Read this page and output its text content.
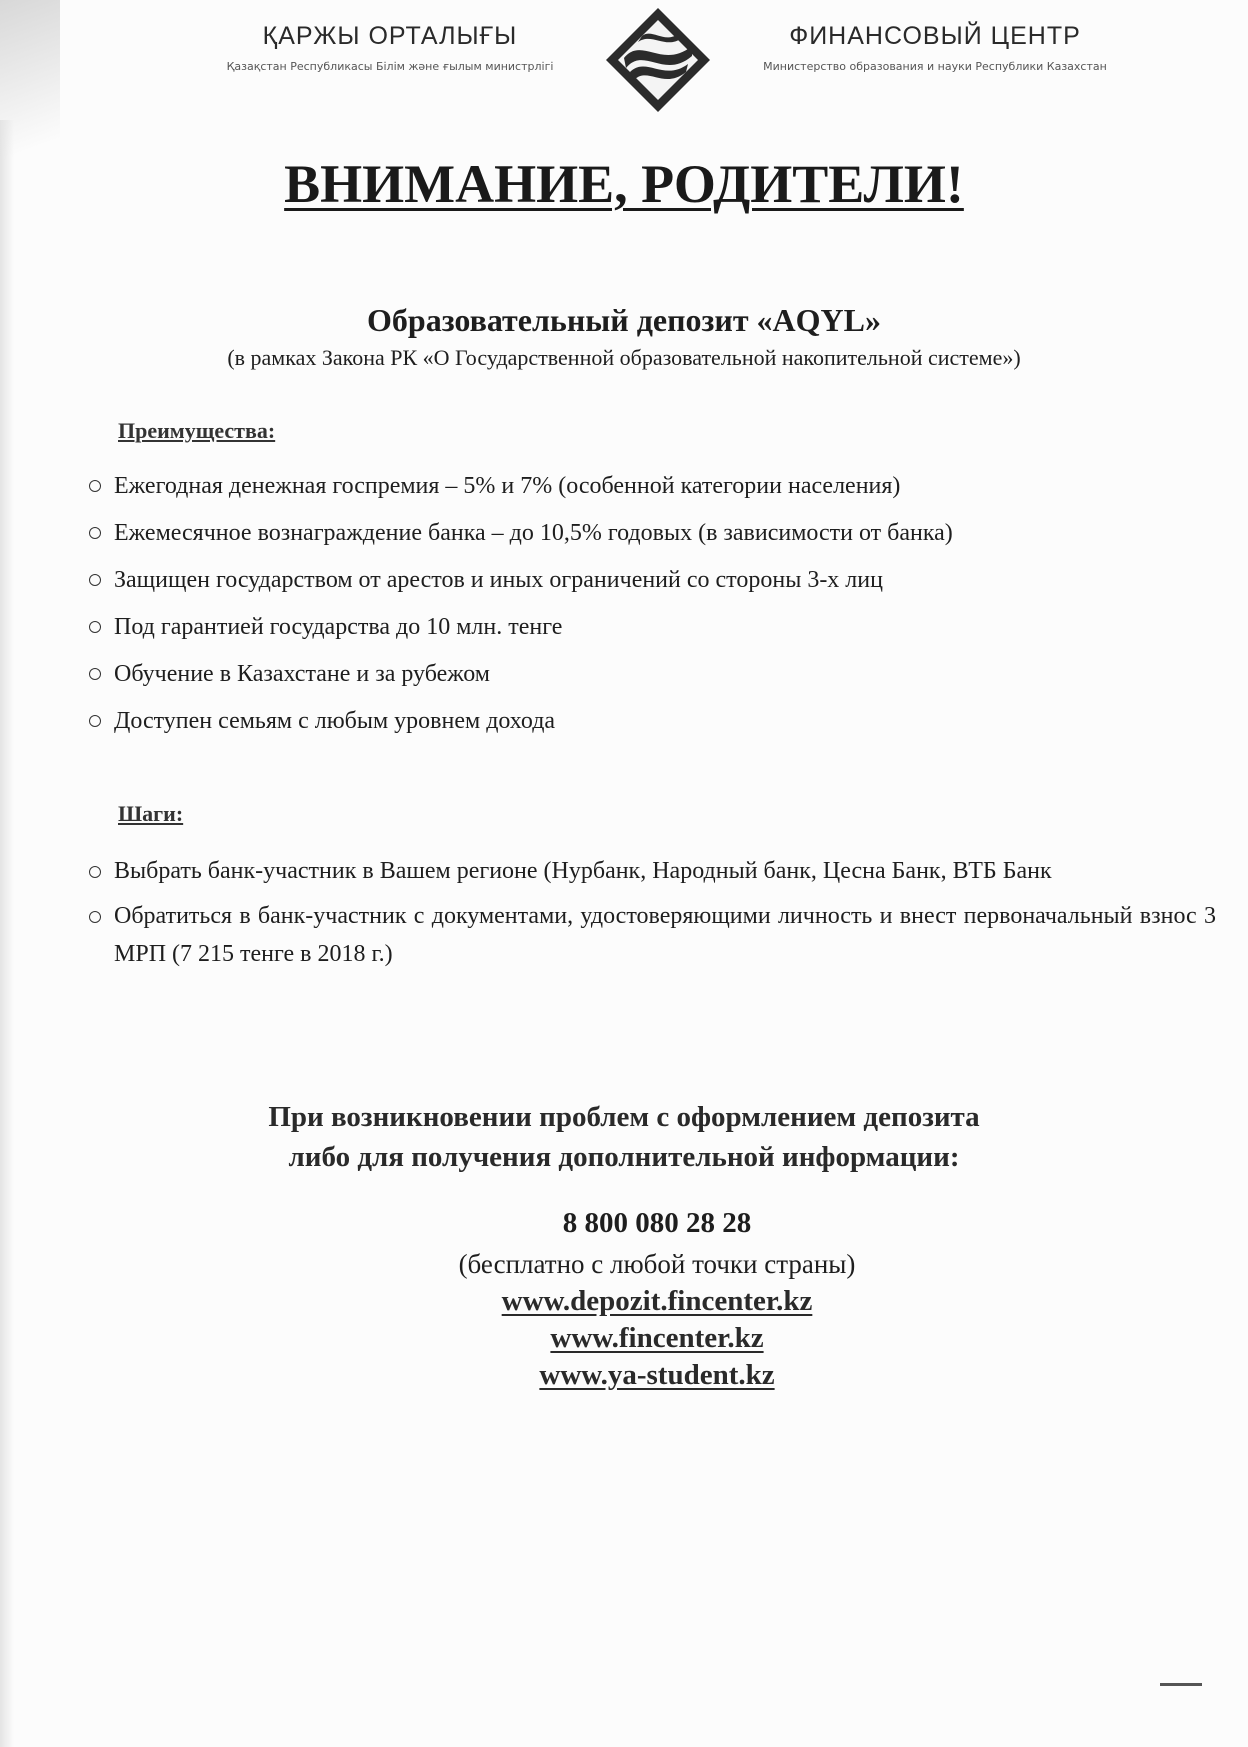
ҚАРЖЫ ОРТАЛЫҒЫ
Қазақстан Республикасы Білім және ғылым министрлігі
ФИНАНСОВЫЙ ЦЕНТР
Министерство образования и науки Республики Казахстан
ВНИМАНИЕ, РОДИТЕЛИ!
Образовательный депозит «AQYL»
(в рамках Закона РК «О Государственной образовательной накопительной системе»)
Преимущества:
Ежегодная денежная госпремия – 5% и 7% (особенной категории населения)
Ежемесячное вознаграждение банка – до 10,5% годовых (в зависимости от банка)
Защищен государством от арестов и иных ограничений со стороны 3-х лиц
Под гарантией государства до 10 млн. тенге
Обучение в Казахстане и за рубежом
Доступен семьям с любым уровнем дохода
Шаги:
Выбрать банк-участник в Вашем регионе (Нурбанк, Народный банк, Цесна Банк, ВТБ Банк
Обратиться в банк-участник с документами, удостоверяющими личность и внест первоначальный взнос 3 МРП (7 215 тенге в 2018 г.)
При возникновении проблем с оформлением депозита
либо для получения дополнительной информации:
8 800 080 28 28
(бесплатно с любой точки страны)
www.depozit.fincenter.kz
www.fincenter.kz
www.ya-student.kz
